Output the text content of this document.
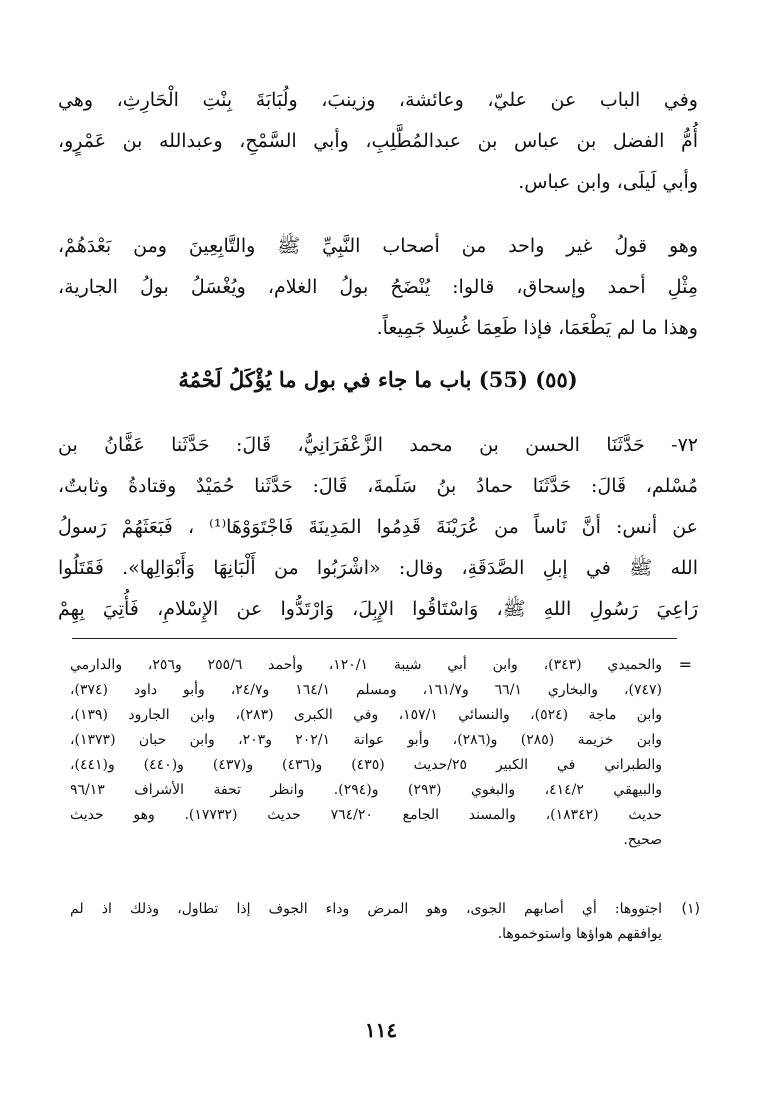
وفي الباب عن عليّ، وعائشة، وزينبَ، ولُبَابَةَ بِنْتِ الْحَارِثِ، وهي
أُمُّ الفضل بن عباس بن عبدالمُطَّلِبِ، وأبي السَّمْحِ، وعبدالله بن عَمْرٍو،
وأبي لَيلَى، وابن عباس.
وهو قولُ غير واحد من أصحاب النَّبِيِّ ﷺ والتَّابِعِينَ ومن بَعْدَهُمْ،
مِثْلِ أحمد وإسحاق، قالوا: يُنْضَحُ بولُ الغلام، ويُغْسَلُ بولُ الجارية،
وهذا ما لم يَطْعَمَا، فإذا طَعِمَا غُسِلا جَمِيعاً.
(٥٥) (55) باب ما جاء في بول ما يُؤْكَلُ لَحْمُهُ
٧٢- حَدَّثَنَا الحسن بن محمد الزَّعْفَرَانِيُّ، قَالَ: حَدَّثَنا عَفَّانُ بن
مُسْلم، قَالَ: حَدَّثَنَا حمادُ بنُ سَلَمةَ، قَالَ: حَدَّثَنا حُمَيْدٌ وقتادةُ وثابتٌ،
عن أنس: أنَّ نَاساً من عُرَيْنَةَ قَدِمُوا المَدِينَةَ فَاجْتَوَوْهَا⁽¹⁾ ، فَبَعَثَهُمْ رَسولُ
الله ﷺ في إبلِ الصَّدَقَةِ، وقال: «اشْرَبُوا من أَلْبَانِهَا وَأَبْوَالِها». فَقَتَلُوا
رَاعِيَ رَسُولِ اللهِ ﷺ، وَاسْتَاقُوا الإِبِلَ، وَارْتَدُّوا عن الإِسْلامِ، فَأُتِيَ بِهِمْ
=
والحميدي (٣٤٣)، وابن أبي شيبة ١٢٠/١، وأحمد ٢٥٥/٦ و٢٥٦، والدارمي
(٧٤٧)، والبخاري ٦٦/١ و١٦١/٧، ومسلم ١٦٤/١ و٢٤/٧، وأبو داود (٣٧٤)،
وابن ماجة (٥٢٤)، والنسائي ١٥٧/١، وفي الكبرى (٢٨٣)، وابن الجارود (١٣٩)،
وابن خزيمة (٢٨٥) و(٢٨٦)، وأبو عوانة ٢٠٢/١ و٢٠٣، وابن حبان (١٣٧٣)،
والطبراني في الكبير ٢٥/حديث (٤٣٥) و(٤٣٦) و(٤٣٧) و(٤٤٠) و(٤٤١)،
والبيهقي ٤١٤/٢، والبغوي (٢٩٣) و(٢٩٤). وانظر تحفة الأشراف ٩٦/١٣
حديث (١٨٣٤٢)، والمسند الجامع ٧٦٤/٢٠ حديث (١٧٧٣٢). وهو حديث
صحيح.
(١)
اجتووها: أي أصابهم الجوى، وهو المرض وداء الجوف إذا تطاول، وذلك اذ لم
يوافقهم هواؤها واستوخموها.
١١٤
